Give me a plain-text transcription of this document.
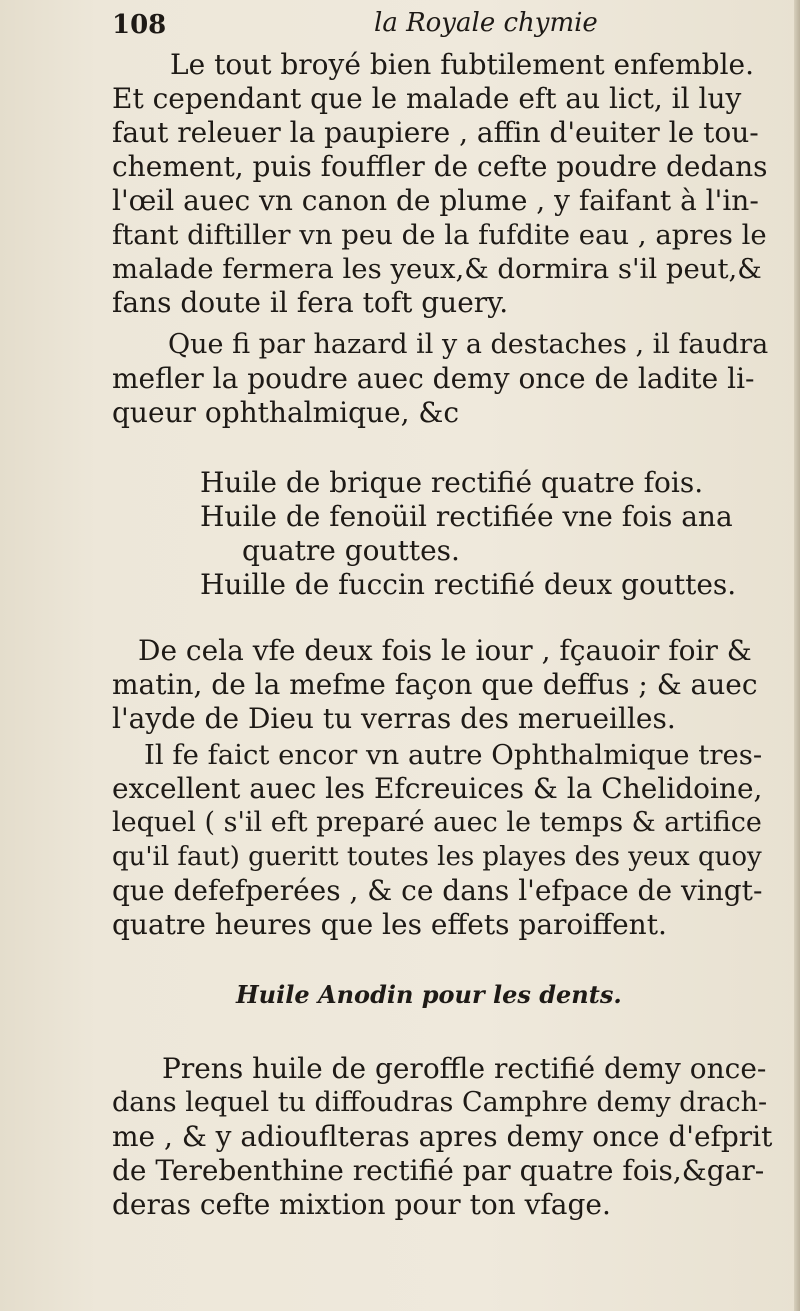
108	la Royale chymie
Le tout broyé bien fubtilement enfemble.
Et cependant que le malade eft au lict, il luy
faut releuer la paupiere , affin d'euiter le tou-
chement, puis fouffler de cefte poudre dedans
l'œil auec vn canon de plume , y faifant à l'in-
ftant diftiller vn peu de la fufdite eau , apres le
malade fermera les yeux,& dormira s'il peut,&
fans doute il fera toft guery.
Que fi par hazard il y a destaches , il faudra
mefler la poudre auec demy once de ladite li-
queur ophthalmique, &c
Huile de brique rectifié quatre fois.
Huile de fenoüil rectifiée vne fois ana
quatre gouttes.
Huille de fuccin rectifié deux gouttes.
De cela vfe deux fois le iour , fçauoir foir &
matin, de la mefme façon que deffus ; & auec
l'ayde de Dieu tu verras des merueilles.
Il fe faict encor vn autre Ophthalmique tres-
excellent auec les Efcreuices & la Chelidoine,
lequel ( s'il eft preparé auec le temps & artifice
qu'il faut) gueritt toutes les playes des yeux quoy
que defefperées , & ce dans l'efpace de vingt-
quatre heures que les effets paroiffent.
Huile Anodin pour les dents.
Prens huile de geroffle rectifié demy once-
dans lequel tu diffoudras Camphre demy drach-
me , & y adiouflteras apres demy once d'efprit
de Terebenthine rectifié par quatre fois,&gar-
deras cefte mixtion pour ton vfage.
